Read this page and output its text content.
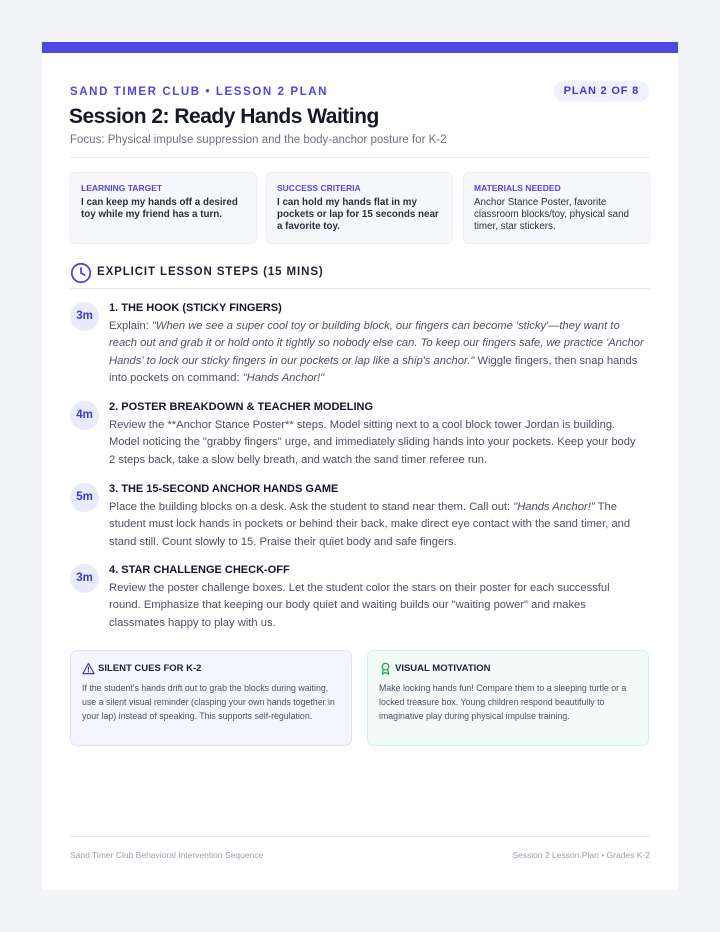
SAND TIMER CLUB • LESSON 2 PLAN	PLAN 2 OF 8
Session 2: Ready Hands Waiting
Focus: Physical impulse suppression and the body-anchor posture for K-2
LEARNING TARGET
I can keep my hands off a desired toy while my friend has a turn.
SUCCESS CRITERIA
I can hold my hands flat in my pockets or lap for 15 seconds near a favorite toy.
MATERIALS NEEDED
Anchor Stance Poster, favorite classroom blocks/toy, physical sand timer, star stickers.
EXPLICIT LESSON STEPS (15 MINS)
3m
1. THE HOOK (STICKY FINGERS)
Explain: "When we see a super cool toy or building block, our fingers can become 'sticky'—they want to reach out and grab it or hold onto it tightly so nobody else can. To keep our fingers safe, we practice 'Anchor Hands' to lock our sticky fingers in our pockets or lap like a ship's anchor." Wiggle fingers, then snap hands into pockets on command: "Hands Anchor!"
4m
2. POSTER BREAKDOWN & TEACHER MODELING
Review the **Anchor Stance Poster** steps. Model sitting next to a cool block tower Jordan is building. Model noticing the "grabby fingers" urge, and immediately sliding hands into your pockets. Keep your body 2 steps back, take a slow belly breath, and watch the sand timer referee run.
5m
3. THE 15-SECOND ANCHOR HANDS GAME
Place the building blocks on a desk. Ask the student to stand near them. Call out: "Hands Anchor!" The student must lock hands in pockets or behind their back, make direct eye contact with the sand timer, and stand still. Count slowly to 15. Praise their quiet body and safe fingers.
3m
4. STAR CHALLENGE CHECK-OFF
Review the poster challenge boxes. Let the student color the stars on their poster for each successful round. Emphasize that keeping our body quiet and waiting builds our "waiting power" and makes classmates happy to play with us.
SILENT CUES FOR K-2
If the student's hands drift out to grab the blocks during waiting, use a silent visual reminder (clasping your own hands together in your lap) instead of speaking. This supports self-regulation.
VISUAL MOTIVATION
Make locking hands fun! Compare them to a sleeping turtle or a locked treasure box. Young children respond beautifully to imaginative play during physical impulse training.
Sand Timer Club Behavioral Intervention Sequence	Session 2 Lesson Plan • Grades K-2
